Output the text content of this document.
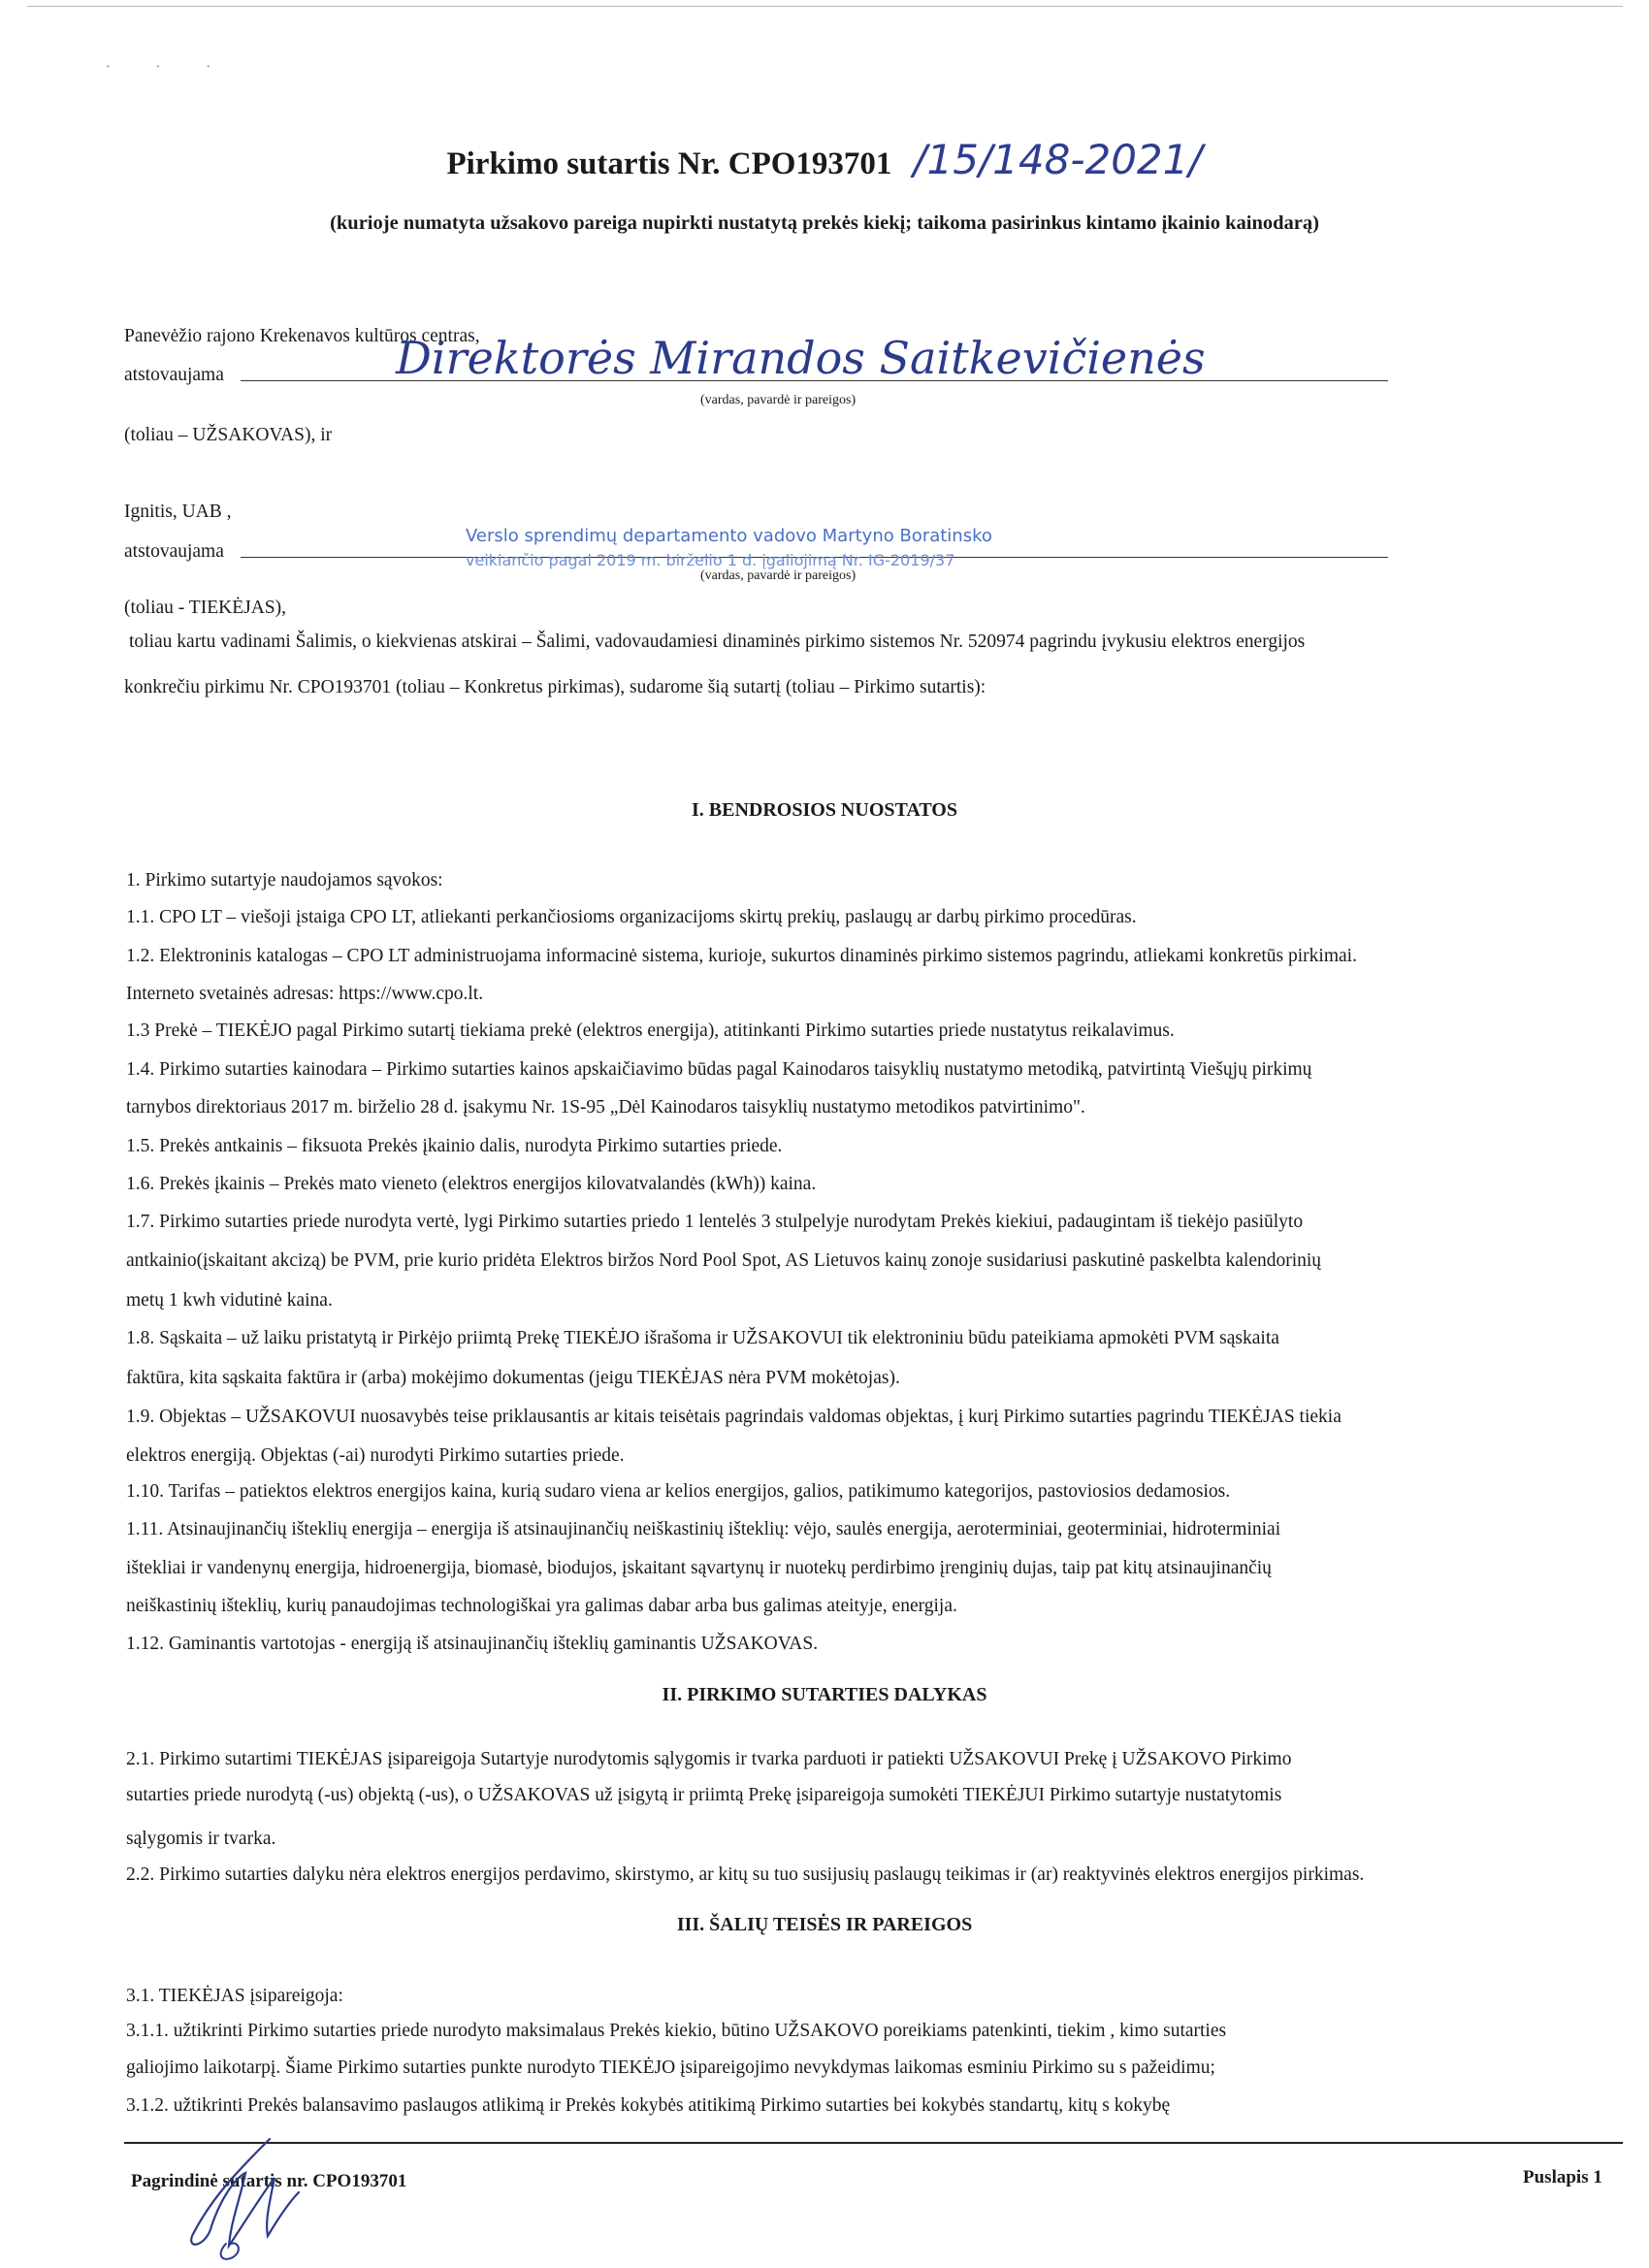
· · ·
Pirkimo sutartis Nr. CPO193701 /15/148-2021/
(kurioje numatyta užsakovo pareiga nupirkti nustatytą prekės kiekį; taikoma pasirinkus kintamo įkainio kainodarą)
Panevėžio rajono Krekenavos kultūros centras,
atstovaujama	Direktorės Mirandos Saitkevičienės
(vardas, pavardė ir pareigos)
(toliau – UŽSAKOVAS), ir
Ignitis, UAB ,
atstovaujama
Verslo sprendimų departamento vadovo Martyno Boratinsko
veikiančio pagal 2019 m. birželio 1 d. įgaliojimą Nr. IG-2019/37
(vardas, pavardė ir pareigos)
(toliau - TIEKĖJAS),
toliau kartu vadinami Šalimis, o kiekvienas atskirai – Šalimi, vadovaudamiesi dinaminės pirkimo sistemos Nr. 520974 pagrindu įvykusiu elektros energijos
konkrečiu pirkimu Nr. CPO193701 (toliau – Konkretus pirkimas), sudarome šią sutartį (toliau – Pirkimo sutartis):
I. BENDROSIOS NUOSTATOS
1. Pirkimo sutartyje naudojamos sąvokos:
1.1. CPO LT – viešoji įstaiga CPO LT, atliekanti perkančiosioms organizacijoms skirtų prekių, paslaugų ar darbų pirkimo procedūras.
1.2. Elektroninis katalogas – CPO LT administruojama informacinė sistema, kurioje, sukurtos dinaminės pirkimo sistemos pagrindu, atliekami konkretūs pirkimai.
Interneto svetainės adresas: https://www.cpo.lt.
1.3 Prekė – TIEKĖJO pagal Pirkimo sutartį tiekiama prekė (elektros energija), atitinkanti Pirkimo sutarties priede nustatytus reikalavimus.
1.4. Pirkimo sutarties kainodara – Pirkimo sutarties kainos apskaičiavimo būdas pagal Kainodaros taisyklių nustatymo metodiką, patvirtintą Viešųjų pirkimų
tarnybos direktoriaus 2017 m. birželio 28 d. įsakymu Nr. 1S-95 „Dėl Kainodaros taisyklių nustatymo metodikos patvirtinimo".
1.5. Prekės antkainis – fiksuota Prekės įkainio dalis, nurodyta Pirkimo sutarties priede.
1.6. Prekės įkainis – Prekės mato vieneto (elektros energijos kilovatvalandės (kWh)) kaina.
1.7. Pirkimo sutarties priede nurodyta vertė, lygi Pirkimo sutarties priedo 1 lentelės 3 stulpelyje nurodytam Prekės kiekiui, padaugintam iš tiekėjo pasiūlyto
antkainio(įskaitant akcizą) be PVM, prie kurio pridėta Elektros biržos Nord Pool Spot, AS Lietuvos kainų zonoje susidariusi paskutinė paskelbta kalendorinių
metų 1 kwh vidutinė kaina.
1.8. Sąskaita – už laiku pristatytą ir Pirkėjo priimtą Prekę TIEKĖJO išrašoma ir UŽSAKOVUI tik elektroniniu būdu pateikiama apmokėti PVM sąskaita
faktūra, kita sąskaita faktūra ir (arba) mokėjimo dokumentas (jeigu TIEKĖJAS nėra PVM mokėtojas).
1.9. Objektas – UŽSAKOVUI nuosavybės teise priklausantis ar kitais teisėtais pagrindais valdomas objektas, į kurį Pirkimo sutarties pagrindu TIEKĖJAS tiekia
elektros energiją. Objektas (-ai) nurodyti Pirkimo sutarties priede.
1.10. Tarifas – patiektos elektros energijos kaina, kurią sudaro viena ar kelios energijos, galios, patikimumo kategorijos, pastoviosios dedamosios.
1.11. Atsinaujinančių išteklių energija – energija iš atsinaujinančių neiškastinių išteklių: vėjo, saulės energija, aeroterminiai, geoterminiai, hidroterminiai
ištekliai ir vandenynų energija, hidroenergija, biomasė, biodujos, įskaitant sąvartynų ir nuotekų perdirbimo įrenginių dujas, taip pat kitų atsinaujinančių
neiškastinių išteklių, kurių panaudojimas technologiškai yra galimas dabar arba bus galimas ateityje, energija.
1.12. Gaminantis vartotojas - energiją iš atsinaujinančių išteklių gaminantis UŽSAKOVAS.
II. PIRKIMO SUTARTIES DALYKAS
2.1. Pirkimo sutartimi TIEKĖJAS įsipareigoja Sutartyje nurodytomis sąlygomis ir tvarka parduoti ir patiekti UŽSAKOVUI Prekę į UŽSAKOVO Pirkimo
sutarties priede nurodytą (-us) objektą (-us), o UŽSAKOVAS už įsigytą ir priimtą Prekę įsipareigoja sumokėti TIEKĖJUI Pirkimo sutartyje nustatytomis
sąlygomis ir tvarka.
2.2. Pirkimo sutarties dalyku nėra elektros energijos perdavimo, skirstymo, ar kitų su tuo susijusių paslaugų teikimas ir (ar) reaktyvinės elektros energijos pirkimas.
III. ŠALIŲ TEISĖS IR PAREIGOS
3.1. TIEKĖJAS įsipareigoja:
3.1.1. užtikrinti Pirkimo sutarties priede nurodyto maksimalaus Prekės kiekio, būtino UŽSAKOVO poreikiams patenkinti, tiekim , kimo sutarties
galiojimo laikotarpį. Šiame Pirkimo sutarties punkte nurodyto TIEKĖJO įsipareigojimo nevykdymas laikomas esminiu Pirkimo su s pažeidimu;
3.1.2. užtikrinti Prekės balansavimo paslaugos atlikimą ir Prekės kokybės atitikimą Pirkimo sutarties bei kokybės standartų, kitų s kokybę
Pagrindinė sutartis nr. CPO193701	Puslapis 1
